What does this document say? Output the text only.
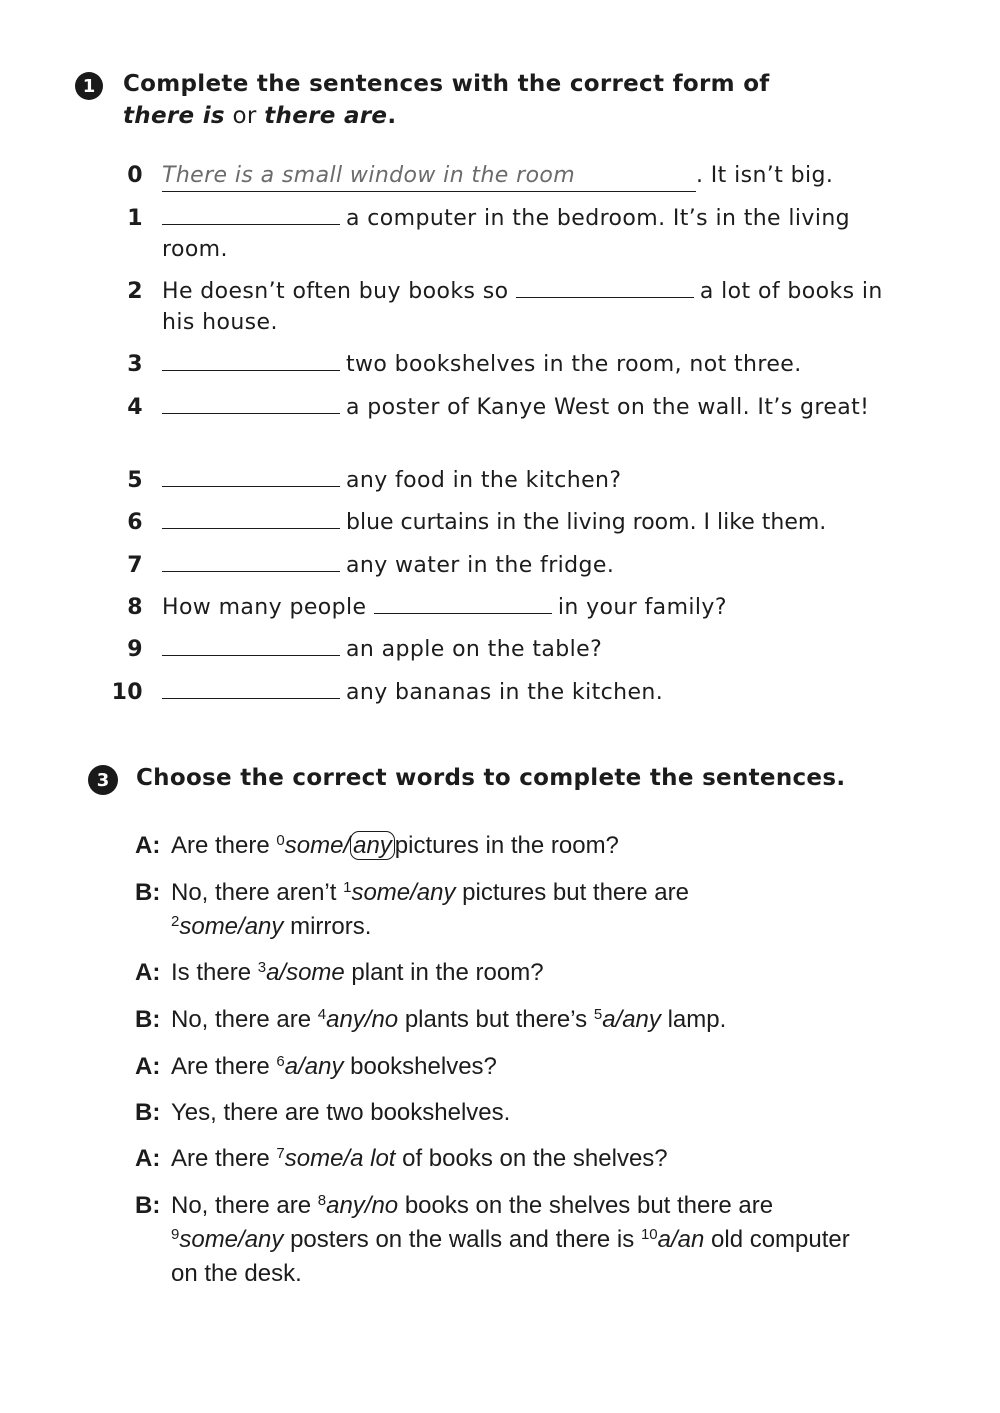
1	Complete the sentences with the correct form of
there is or there are.
0 There is a small window in the room	. It isn’t big.
1	a computer in the bedroom. It’s in the living room.
2 He doesn’t often buy books so	a lot of books in his house.
3	two bookshelves in the room, not three.
4	a poster of Kanye West on the wall. It’s great!
5	any food in the kitchen?
6	blue curtains in the living room. I like them.
7	any water in the fridge.
8 How many people	in your family?
9	an apple on the table?
10	any bananas in the kitchen.
3	Choose the correct words to complete the sentences.
A: Are there $^0$some/ any pictures in the room?
B: No, there aren’t $^1$some/any pictures but there are
$^2$some/any mirrors.
A: Is there $^3$a/some plant in the room?
B: No, there are $^4$any/no plants but there’s $^5$a/any lamp.
A: Are there $^6$a/any bookshelves?
B: Yes, there are two bookshelves.
A: Are there $^7$some/a lot of books on the shelves?
B: No, there are $^8$any/no books on the shelves but there are $^9$some/any posters on the walls and there is $^{10}$a/an old computer on the desk.
